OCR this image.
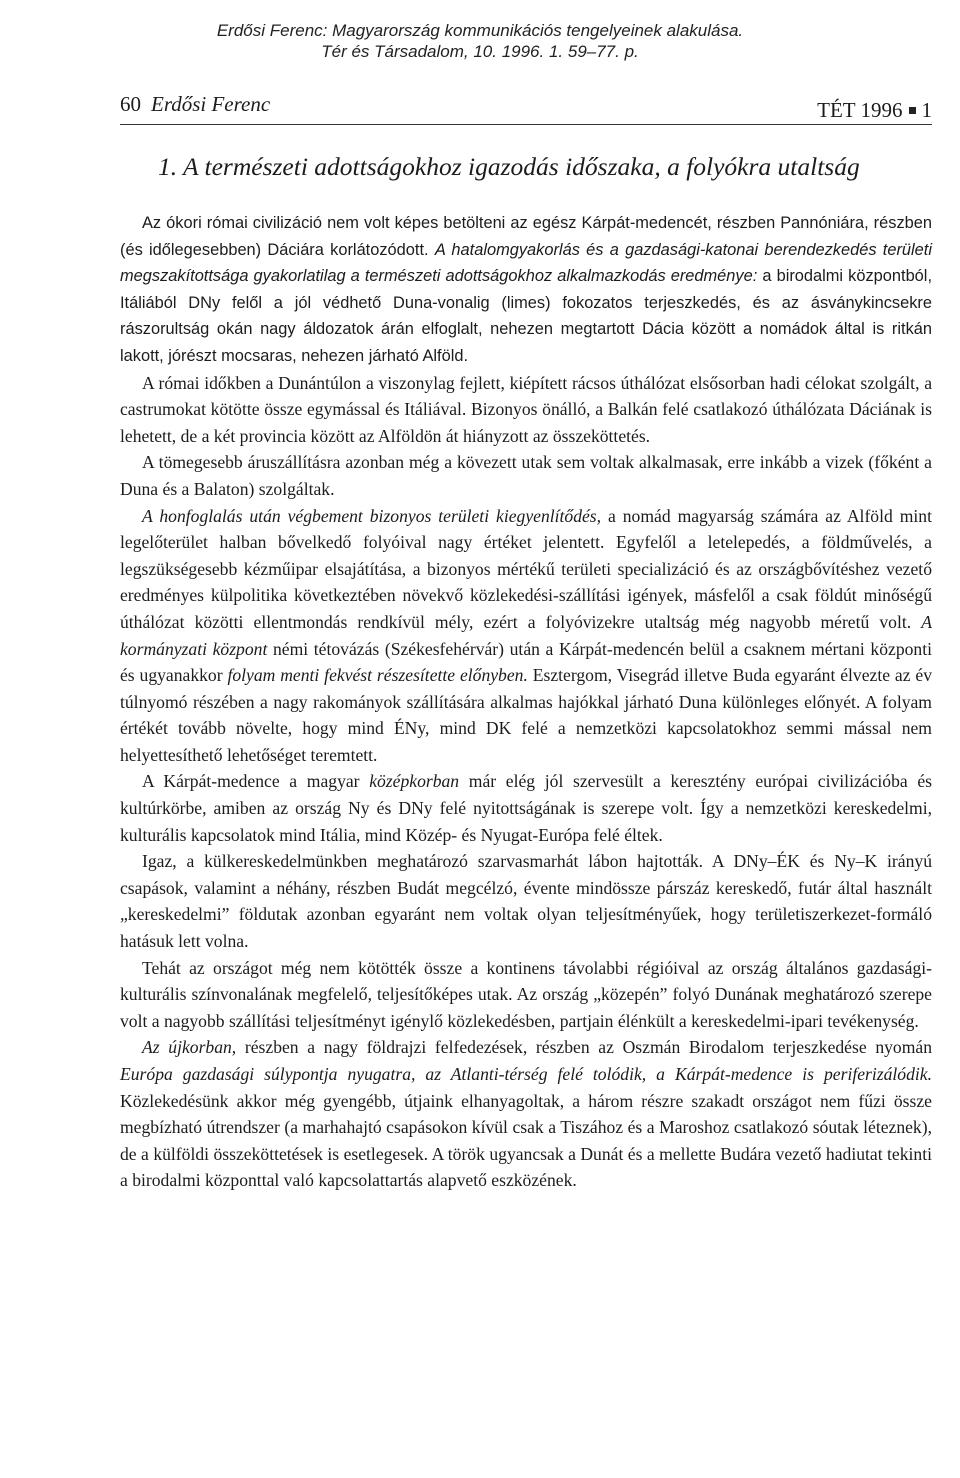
Erdősi Ferenc: Magyarország kommunikációs tengelyeinek alakulása.
Tér és Társadalom, 10. 1996. 1. 59–77. p.
60 Erdősi Ferenc	TÉT 1996 1
1. A természeti adottságokhoz igazodás időszaka, a folyókra utaltság

Az ókori római civilizáció nem volt képes betölteni az egész Kárpát-medencét, részben Pannóniára, részben (és időlegesebben) Dáciára korlátozódott. A hatalomgyakorlás és a gazdasági-katonai berendezkedés területi megszakítottsága gyakorlatilag a természeti adottságokhoz alkalmazkodás eredménye: a birodalmi központból, Itáliából DNy felől a jól védhető Duna-vonalig (limes) fokozatos terjeszkedés, és az ásványkincsekre rászorultság okán nagy áldozatok árán elfoglalt, nehezen megtartott Dácia között a nomádok által is ritkán lakott, jórészt mocsaras, nehezen járható Alföld.

A római időkben a Dunántúlon a viszonylag fejlett, kiépített rácsos úthálózat elsősorban hadi célokat szolgált, a castrumokat kötötte össze egymással és Itáliával. Bizonyos önálló, a Balkán felé csatlakozó úthálózata Dáciának is lehetett, de a két provincia között az Alföldön át hiányzott az összeköttetés.

A tömegesebb áruszállításra azonban még a kövezett utak sem voltak alkalmasak, erre inkább a vizek (főként a Duna és a Balaton) szolgáltak.

A honfoglalás után végbement bizonyos területi kiegyenlítődés, a nomád magyarság számára az Alföld mint legelőterület halban bővelkedő folyóival nagy értéket jelentett. Egyfelől a letelepedés, a földművelés, a legszükségesebb kézműipar elsajátítása, a bizonyos mértékű területi specializáció és az országbővítéshez vezető eredményes külpolitika következtében növekvő közlekedési-szállítási igények, másfelől a csak földút minőségű úthálózat közötti ellentmondás rendkívül mély, ezért a folyóvizekre utaltság még nagyobb méretű volt. A kormányzati központ némi tétovázás (Székesfehérvár) után a Kárpát-medencén belül a csaknem mértani központi és ugyanakkor folyam menti fekvést részesítette előnyben. Esztergom, Visegrád illetve Buda egyaránt élvezte az év túlnyomó részében a nagy rakományok szállítására alkalmas hajókkal járható Duna különleges előnyét. A folyam értékét tovább növelte, hogy mind ÉNy, mind DK felé a nemzetközi kapcsolatokhoz semmi mással nem helyettesíthető lehetőséget teremtett.

A Kárpát-medence a magyar középkorban már elég jól szervesült a keresztény európai civilizációba és kultúrkörbe, amiben az ország Ny és DNy felé nyitottságának is szerepe volt. Így a nemzetközi kereskedelmi, kulturális kapcsolatok mind Itália, mind Közép- és Nyugat-Európa felé éltek.

Igaz, a külkereskedelmünkben meghatározó szarvasmarhát lábon hajtották. A DNy–ÉK és Ny–K irányú csapások, valamint a néhány, részben Budát megcélzó, évente mindössze párszáz kereskedő, futár által használt „kereskedelmi” földutak azonban egyaránt nem voltak olyan teljesítményűek, hogy területiszerkezet-formáló hatásuk lett volna.

Tehát az országot még nem kötötték össze a kontinens távolabbi régióival az ország általános gazdasági-kulturális színvonalának megfelelő, teljesítőképes utak. Az ország „közepén” folyó Dunának meghatározó szerepe volt a nagyobb szállítási teljesítményt igénylő közlekedésben, partjain élénkült a kereskedelmi-ipari tevékenység.

Az újkorban, részben a nagy földrajzi felfedezések, részben az Oszmán Birodalom terjeszkedése nyomán Európa gazdasági súlypontja nyugatra, az Atlanti-térség felé tolódik, a Kárpát-medence is periferizálódik. Közlekedésünk akkor még gyengébb, útjaink elhanyagoltak, a három részre szakadt országot nem fűzi össze megbízható útrendszer (a marhahajtó csapásokon kívül csak a Tiszához és a Maroshoz csatlakozó sóutak léteznek), de a külföldi összeköttetések is esetlegesek. A török ugyancsak a Dunát és a mellette Budára vezető hadiutat tekinti a birodalmi központtal való kapcsolattartás alapvető eszközének.
